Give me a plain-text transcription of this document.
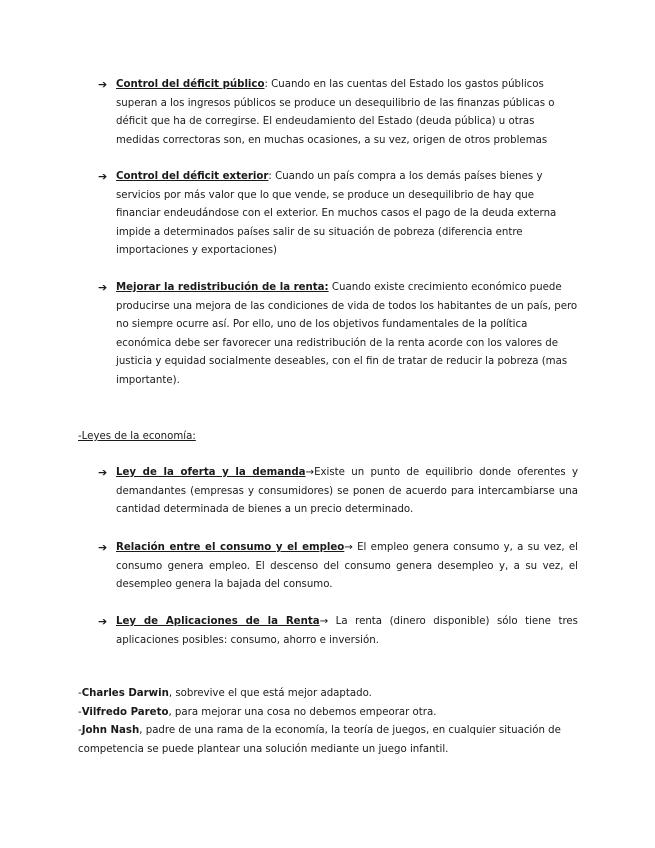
➔ Control del déficit público: Cuando en las cuentas del Estado los gastos públicos superan a los ingresos públicos se produce un desequilibrio de las finanzas públicas o déficit que ha de corregirse. El endeudamiento del Estado (deuda pública) u otras medidas correctoras son, en muchas ocasiones, a su vez, origen de otros problemas
➔ Control del déficit exterior: Cuando un país compra a los demás países bienes y servicios por más valor que lo que vende, se produce un desequilibrio de hay que financiar endeudándose con el exterior. En muchos casos el pago de la deuda externa impide a determinados países salir de su situación de pobreza (diferencia entre importaciones y exportaciones)
➔ Mejorar la redistribución de la renta: Cuando existe crecimiento económico puede producirse una mejora de las condiciones de vida de todos los habitantes de un país, pero no siempre ocurre así. Por ello, uno de los objetivos fundamentales de la política económica debe ser favorecer una redistribución de la renta acorde con los valores de justicia y equidad socialmente deseables, con el fin de tratar de reducir la pobreza (mas importante).
-Leyes de la economía:
➔ Ley de la oferta y la demanda→Existe un punto de equilibrio donde oferentes y demandantes (empresas y consumidores) se ponen de acuerdo para intercambiarse una cantidad determinada de bienes a un precio determinado.
➔ Relación entre el consumo y el empleo→ El empleo genera consumo y, a su vez, el consumo genera empleo. El descenso del consumo genera desempleo y, a su vez, el desempleo genera la bajada del consumo.
➔ Ley de Aplicaciones de la Renta→ La renta (dinero disponible) sólo tiene tres aplicaciones posibles: consumo, ahorro e inversión.
-Charles Darwin, sobrevive el que está mejor adaptado.
-Vilfredo Pareto, para mejorar una cosa no debemos empeorar otra.
-John Nash, padre de una rama de la economía, la teoría de juegos, en cualquier situación de competencia se puede plantear una solución mediante un juego infantil.
